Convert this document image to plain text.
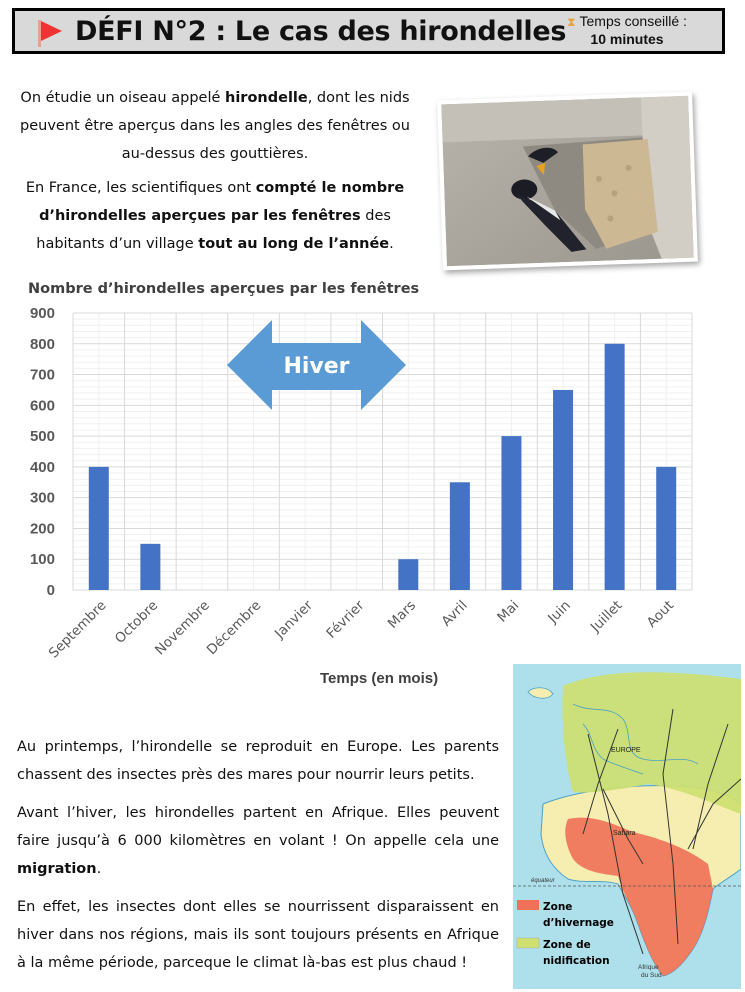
DÉFI N°2 : Le cas des hirondelles ⧗ Temps conseillé :
10 minutes

On étudie un oiseau appelé hirondelle, dont les nids peuvent être aperçus dans les angles des fenêtres ou au-dessus des gouttières.

En France, les scientifiques ont compté le nombre d’hirondelles aperçues par les fenêtres des habitants d’un village tout au long de l’année.

Nombre d’hirondelles aperçues par les fenêtres
0
100
200
300
400
500
600
700
800
900
Septembre Octobre
Novembre
Décembre Janvier Février Mars Avril Mai Juin Juillet Aout
Hiver
Temps (en mois)

Au printemps, l’hirondelle se reproduit en Europe. Les parents chassent des insectes près des mares pour nourrir leurs petits.

Avant l’hiver, les hirondelles partent en Afrique. Elles peuvent faire jusqu’à 6 000 kilomètres en volant ! On appelle cela une migration.

En effet, les insectes dont elles se nourrissent disparaissent en hiver dans nos régions, mais ils sont toujours présents en Afrique à la même période, parceque le climat là-bas est plus chaud !

EUROPE
Sahara
équateur
Afrique
du Sud
Zone
d’hivernage
Zone de
nidification
